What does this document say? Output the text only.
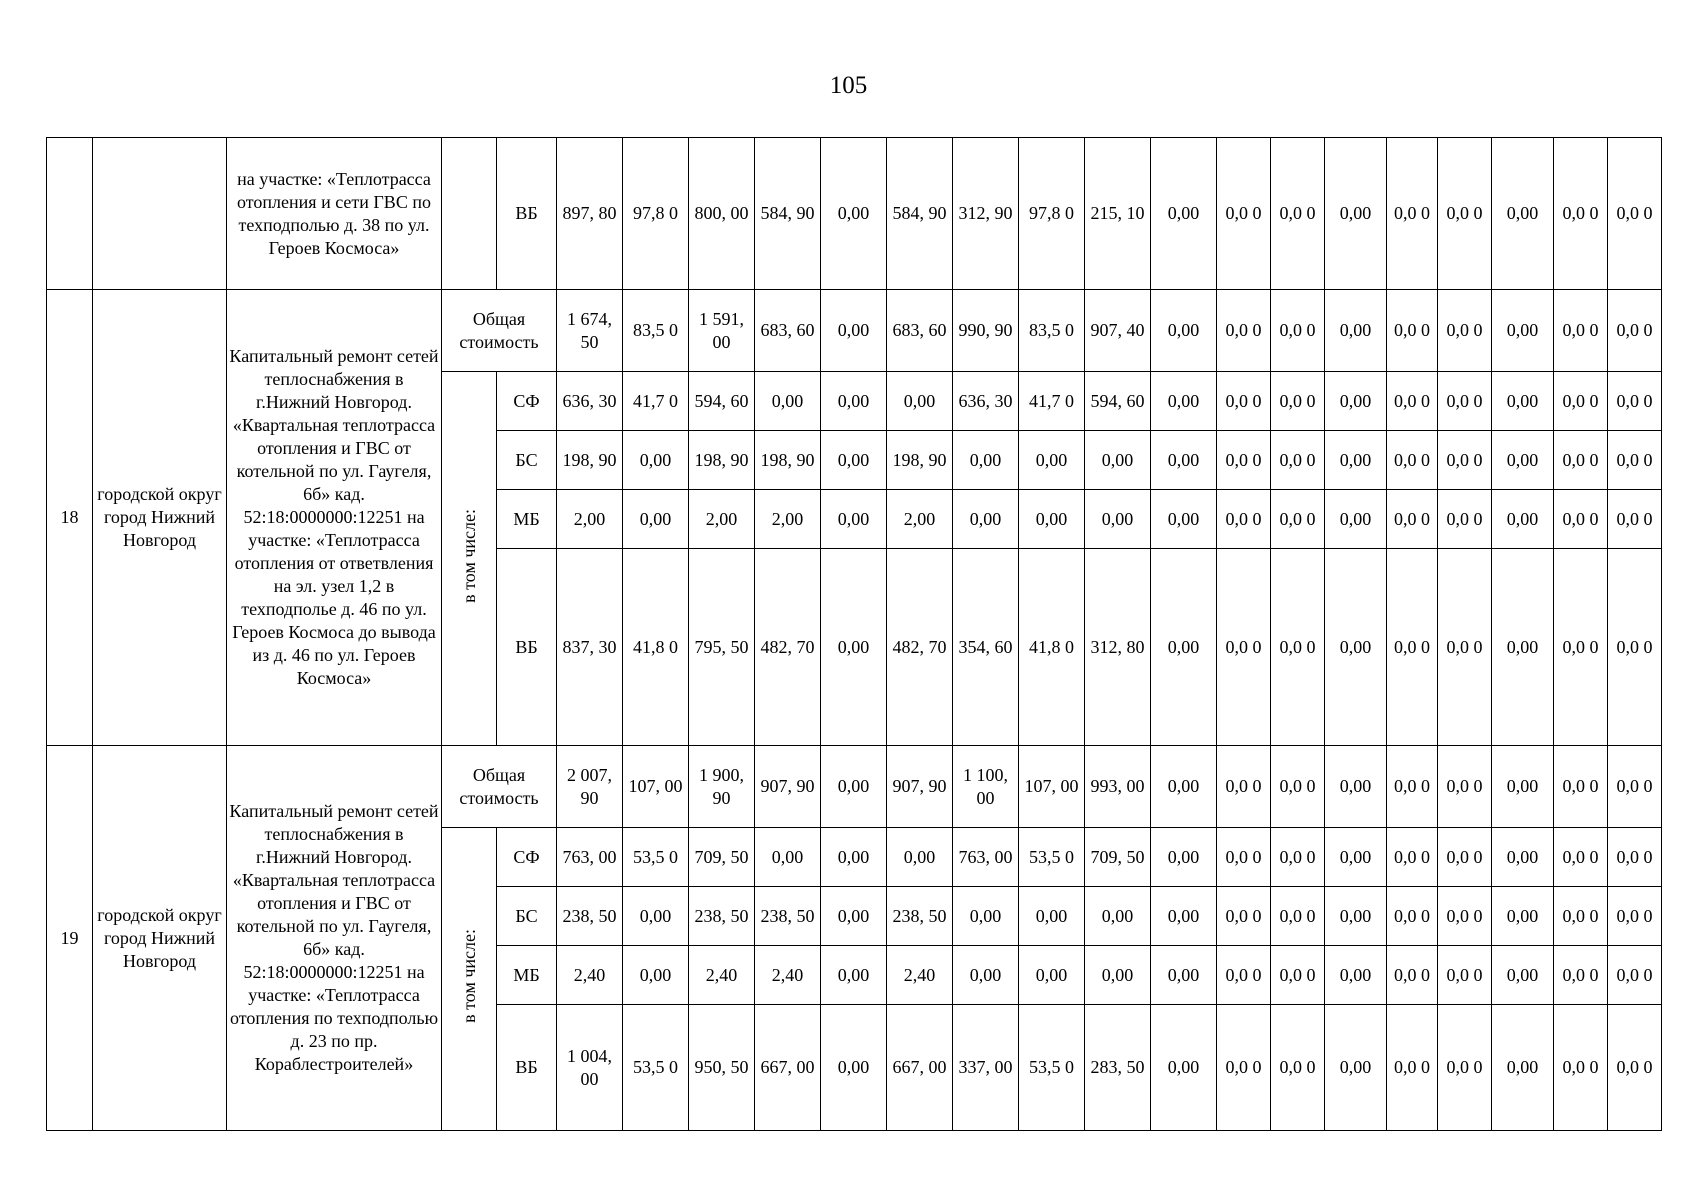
105
		на участке: «Теплотрасса отопления и сети ГВС по техподполью д. 38 по ул. Героев Космоса»		ВБ	897, 80	97,8 0	800, 00	584, 90	0,00	584, 90	312, 90	97,8 0	215, 10	0,00	0,0 0	0,0 0	0,00	0,0 0	0,0 0	0,00	0,0 0	0,0 0
18	городской округ город Нижний Новгород	Капитальный ремонт сетей теплоснабжения в г.Нижний Новгород. «Квартальная теплотрасса отопления и ГВС от котельной по ул. Гаугеля, 6б» кад. 52:18:0000000:12251 на участке: «Теплотрасса отопления от ответвления на эл. узел 1,2 в техподполье д. 46 по ул. Героев Космоса до вывода из д. 46 по ул. Героев Космоса»	Общая стоимость		1 674, 50	83,5 0	1 591, 00	683, 60	0,00	683, 60	990, 90	83,5 0	907, 40	0,00	0,0 0	0,0 0	0,00	0,0 0	0,0 0	0,00	0,0 0	0,0 0
			в том числе:	СФ	636, 30	41,7 0	594, 60	0,00	0,00	0,00	636, 30	41,7 0	594, 60	0,00	0,0 0	0,0 0	0,00	0,0 0	0,0 0	0,00	0,0 0	0,0 0
				БС	198, 90	0,00	198, 90	198, 90	0,00	198, 90	0,00	0,00	0,00	0,00	0,0 0	0,0 0	0,00	0,0 0	0,0 0	0,00	0,0 0	0,0 0
				МБ	2,00	0,00	2,00	2,00	0,00	2,00	0,00	0,00	0,00	0,00	0,0 0	0,0 0	0,00	0,0 0	0,0 0	0,00	0,0 0	0,0 0
				ВБ	837, 30	41,8 0	795, 50	482, 70	0,00	482, 70	354, 60	41,8 0	312, 80	0,00	0,0 0	0,0 0	0,00	0,0 0	0,0 0	0,00	0,0 0	0,0 0
19	городской округ город Нижний Новгород	Капитальный ремонт сетей теплоснабжения в г.Нижний Новгород. «Квартальная теплотрасса отопления и ГВС от котельной по ул. Гаугеля, 6б» кад. 52:18:0000000:12251 на участке: «Теплотрасса отопления по техподполью д. 23 по пр. Кораблестроителей»	Общая стоимость		2 007, 90	107, 00	1 900, 90	907, 90	0,00	907, 90	1 100, 00	107, 00	993, 00	0,00	0,0 0	0,0 0	0,00	0,0 0	0,0 0	0,00	0,0 0	0,0 0
			в том числе:	СФ	763, 00	53,5 0	709, 50	0,00	0,00	0,00	763, 00	53,5 0	709, 50	0,00	0,0 0	0,0 0	0,00	0,0 0	0,0 0	0,00	0,0 0	0,0 0
				БС	238, 50	0,00	238, 50	238, 50	0,00	238, 50	0,00	0,00	0,00	0,00	0,0 0	0,0 0	0,00	0,0 0	0,0 0	0,00	0,0 0	0,0 0
				МБ	2,40	0,00	2,40	2,40	0,00	2,40	0,00	0,00	0,00	0,00	0,0 0	0,0 0	0,00	0,0 0	0,0 0	0,00	0,0 0	0,0 0
				ВБ	1 004, 00	53,5 0	950, 50	667, 00	0,00	667, 00	337, 00	53,5 0	283, 50	0,00	0,0 0	0,0 0	0,00	0,0 0	0,0 0	0,00	0,0 0	0,0 0
